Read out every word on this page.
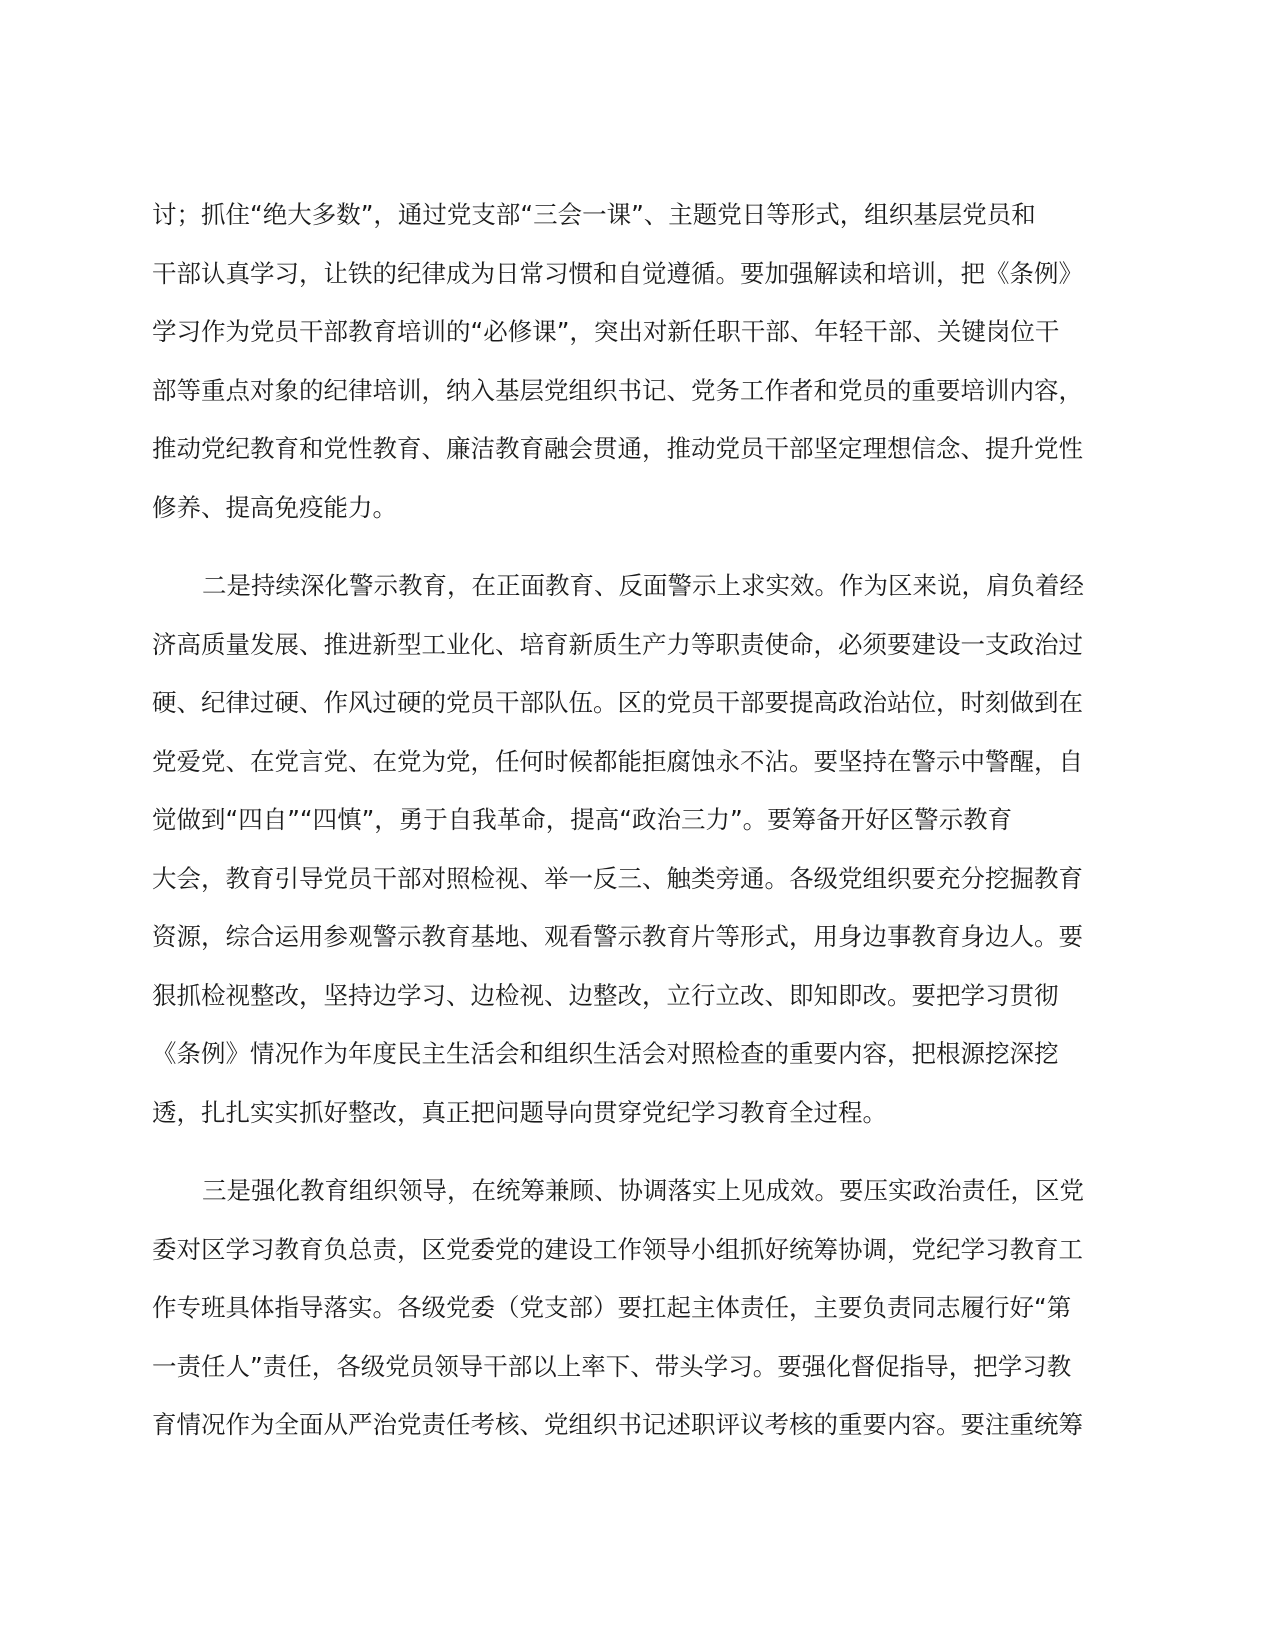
讨；抓住“绝大多数”，通过党支部“三会一课”、主题党日等形式，组织基层党员和
干部认真学习，让铁的纪律成为日常习惯和自觉遵循。要加强解读和培训，把《条例》
学习作为党员干部教育培训的“必修课”，突出对新任职干部、年轻干部、关键岗位干
部等重点对象的纪律培训，纳入基层党组织书记、党务工作者和党员的重要培训内容，
推动党纪教育和党性教育、廉洁教育融会贯通，推动党员干部坚定理想信念、提升党性
修养、提高免疫能力。
二是持续深化警示教育，在正面教育、反面警示上求实效。作为区来说，肩负着经
济高质量发展、推进新型工业化、培育新质生产力等职责使命，必须要建设一支政治过
硬、纪律过硬、作风过硬的党员干部队伍。区的党员干部要提高政治站位，时刻做到在
党爱党、在党言党、在党为党，任何时候都能拒腐蚀永不沾。要坚持在警示中警醒，自
觉做到“四自”“四慎”，勇于自我革命，提高“政治三力”。要筹备开好区警示教育
大会，教育引导党员干部对照检视、举一反三、触类旁通。各级党组织要充分挖掘教育
资源，综合运用参观警示教育基地、观看警示教育片等形式，用身边事教育身边人。要
狠抓检视整改，坚持边学习、边检视、边整改，立行立改、即知即改。要把学习贯彻
《条例》情况作为年度民主生活会和组织生活会对照检查的重要内容，把根源挖深挖
透，扎扎实实抓好整改，真正把问题导向贯穿党纪学习教育全过程。
三是强化教育组织领导，在统筹兼顾、协调落实上见成效。要压实政治责任，区党
委对区学习教育负总责，区党委党的建设工作领导小组抓好统筹协调，党纪学习教育工
作专班具体指导落实。各级党委（党支部）要扛起主体责任，主要负责同志履行好“第
一责任人”责任，各级党员领导干部以上率下、带头学习。要强化督促指导，把学习教
育情况作为全面从严治党责任考核、党组织书记述职评议考核的重要内容。要注重统筹
